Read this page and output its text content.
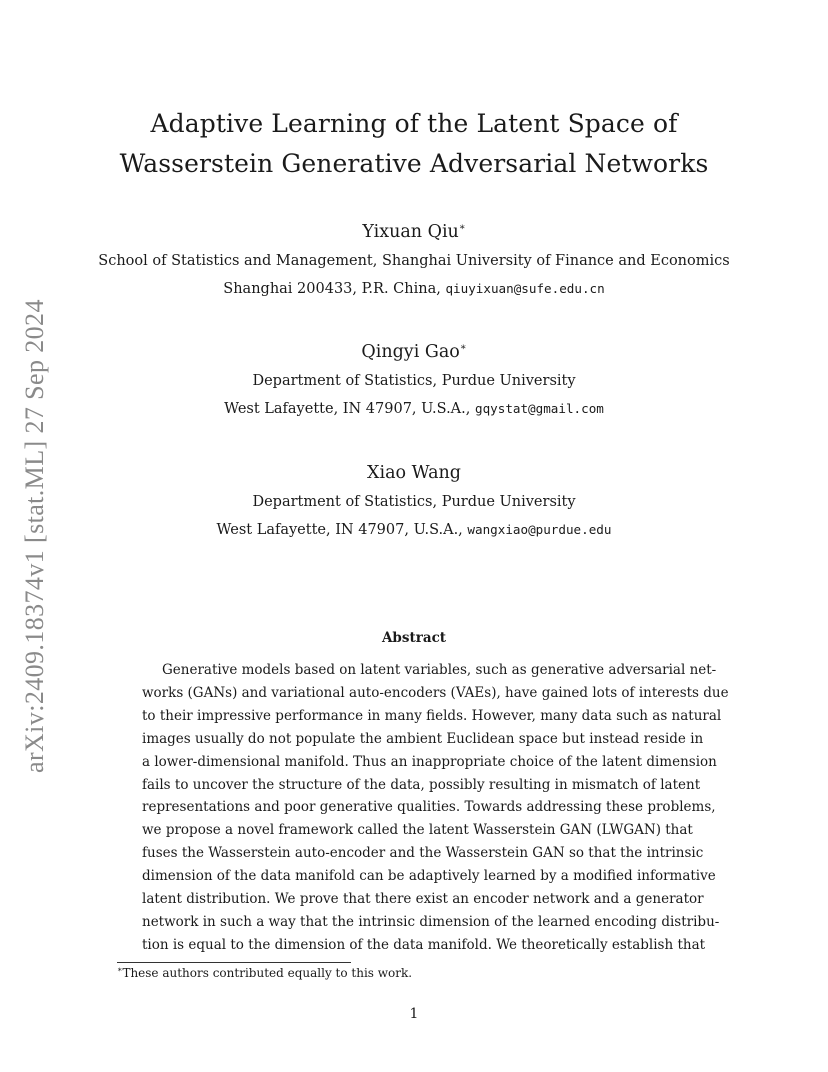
arXiv:2409.18374v1 [stat.ML] 27 Sep 2024
Adaptive Learning of the Latent Space of
Wasserstein Generative Adversarial Networks
Yixuan Qiu∗
School of Statistics and Management, Shanghai University of Finance and Economics
Shanghai 200433, P.R. China, qiuyixuan@sufe.edu.cn
Qingyi Gao∗
Department of Statistics, Purdue University
West Lafayette, IN 47907, U.S.A., gqystat@gmail.com
Xiao Wang
Department of Statistics, Purdue University
West Lafayette, IN 47907, U.S.A., wangxiao@purdue.edu
Abstract
Generative models based on latent variables, such as generative adversarial net-
works (GANs) and variational auto-encoders (VAEs), have gained lots of interests due
to their impressive performance in many fields. However, many data such as natural
images usually do not populate the ambient Euclidean space but instead reside in
a lower-dimensional manifold. Thus an inappropriate choice of the latent dimension
fails to uncover the structure of the data, possibly resulting in mismatch of latent
representations and poor generative qualities. Towards addressing these problems,
we propose a novel framework called the latent Wasserstein GAN (LWGAN) that
fuses the Wasserstein auto-encoder and the Wasserstein GAN so that the intrinsic
dimension of the data manifold can be adaptively learned by a modified informative
latent distribution. We prove that there exist an encoder network and a generator
network in such a way that the intrinsic dimension of the learned encoding distribu-
tion is equal to the dimension of the data manifold. We theoretically establish that
∗These authors contributed equally to this work.
1
